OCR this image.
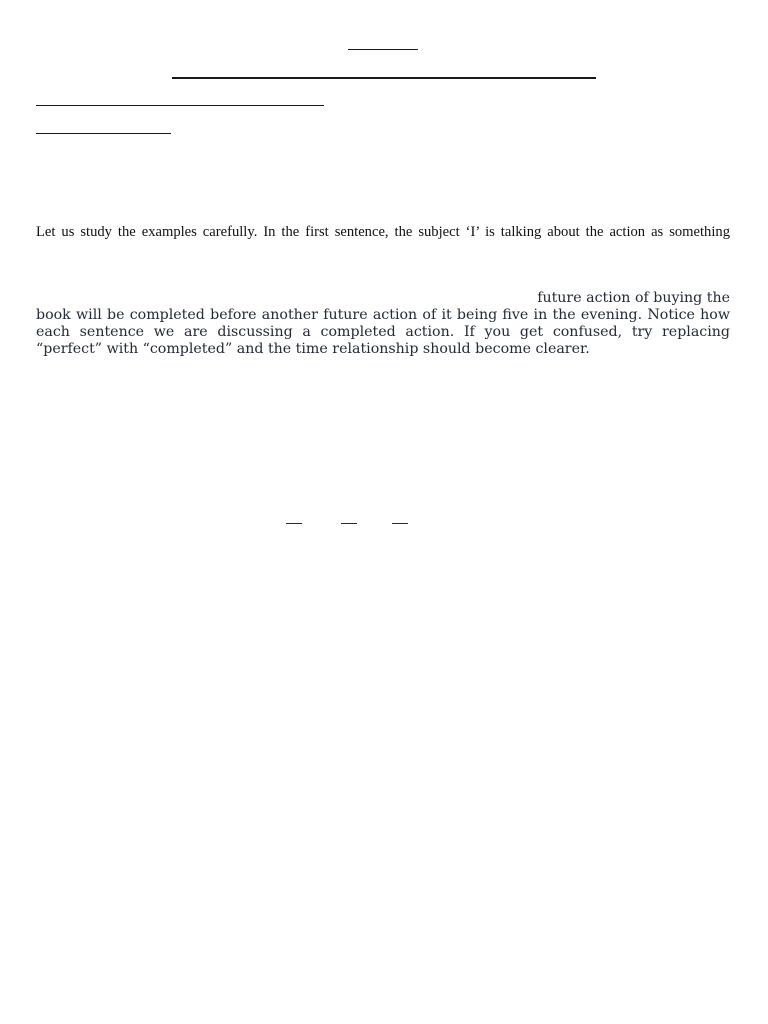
Let us study the examples carefully. In the first sentence, the subject ‘I’ is talking about the action as something
future action of buying the
book will be completed before another future action of it being five in the evening. Notice how each sentence we are discussing a completed action. If you get confused, try replacing “perfect” with “completed” and the time relationship should become clearer.
